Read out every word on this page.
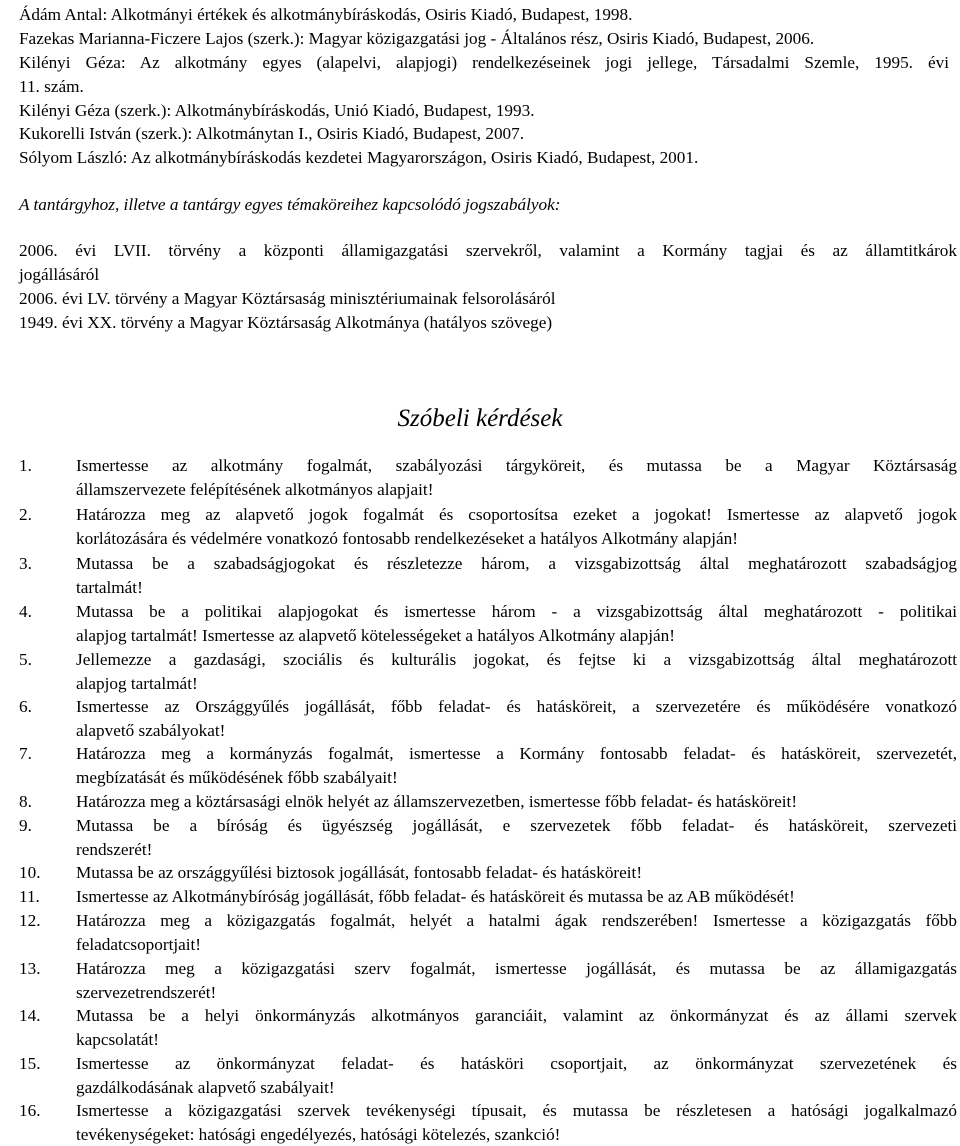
Ádám Antal: Alkotmányi értékek és alkotmánybíráskodás, Osiris Kiadó, Budapest, 1998.
Fazekas Marianna-Ficzere Lajos (szerk.): Magyar közigazgatási jog - Általános rész, Osiris Kiadó, Budapest, 2006.
Kilényi Géza: Az alkotmány egyes (alapelvi, alapjogi) rendelkezéseinek jogi jellege, Társadalmi Szemle, 1995. évi
11. szám.
Kilényi Géza (szerk.): Alkotmánybíráskodás, Unió Kiadó, Budapest, 1993.
Kukorelli István (szerk.): Alkotmánytan I., Osiris Kiadó, Budapest, 2007.
Sólyom László: Az alkotmánybíráskodás kezdetei Magyarországon, Osiris Kiadó, Budapest, 2001.
A tantárgyhoz, illetve a tantárgy egyes témaköreihez kapcsolódó jogszabályok:
2006. évi LVII. törvény a központi államigazgatási szervekről, valamint a Kormány tagjai és az államtitkárok
jogállásáról
2006. évi LV. törvény a Magyar Köztársaság minisztériumainak felsorolásáról
1949. évi XX. törvény a Magyar Köztársaság Alkotmánya (hatályos szövege)
Szóbeli kérdések
1.	Ismertesse az alkotmány fogalmát, szabályozási tárgyköreit, és mutassa be a Magyar Köztársaság
államszervezete felépítésének alkotmányos alapjait!
2.	Határozza meg az alapvető jogok fogalmát és csoportosítsa ezeket a jogokat! Ismertesse az alapvető jogok
korlátozására és védelmére vonatkozó fontosabb rendelkezéseket a hatályos Alkotmány alapján!
3.	Mutassa be a szabadságjogokat és részletezze három, a vizsgabizottság által meghatározott szabadságjog
tartalmát!
4.	Mutassa be a politikai alapjogokat és ismertesse három - a vizsgabizottság által meghatározott - politikai
alapjog tartalmát! Ismertesse az alapvető kötelességeket a hatályos Alkotmány alapján!
5.	Jellemezze a gazdasági, szociális és kulturális jogokat, és fejtse ki a vizsgabizottság által meghatározott
alapjog tartalmát!
6.	Ismertesse az Országgyűlés jogállását, főbb feladat- és hatásköreit, a szervezetére és működésére vonatkozó
alapvető szabályokat!
7.	Határozza meg a kormányzás fogalmát, ismertesse a Kormány fontosabb feladat- és hatásköreit, szervezetét,
megbízatását és működésének főbb szabályait!
8.	Határozza meg a köztársasági elnök helyét az államszervezetben, ismertesse főbb feladat- és hatásköreit!
9.	Mutassa be a bíróság és ügyészség jogállását, e szervezetek főbb feladat- és hatásköreit, szervezeti
rendszerét!
10. Mutassa be az országgyűlési biztosok jogállását, fontosabb feladat- és hatásköreit!
11. Ismertesse az Alkotmánybíróság jogállását, főbb feladat- és hatásköreit és mutassa be az AB működését!
12. Határozza meg a közigazgatás fogalmát, helyét a hatalmi ágak rendszerében! Ismertesse a közigazgatás főbb
feladatcsoportjait!
13. Határozza meg a közigazgatási szerv fogalmát, ismertesse jogállását, és mutassa be az államigazgatás
szervezetrendszerét!
14. Mutassa be a helyi önkormányzás alkotmányos garanciáit, valamint az önkormányzat és az állami szervek
kapcsolatát!
15. Ismertesse az önkormányzat feladat- és hatásköri csoportjait, az önkormányzat szervezetének és
gazdálkodásának alapvető szabályait!
16. Ismertesse a közigazgatási szervek tevékenységi típusait, és mutassa be részletesen a hatósági jogalkalmazó
tevékenységeket: hatósági engedélyezés, hatósági kötelezés, szankció!
